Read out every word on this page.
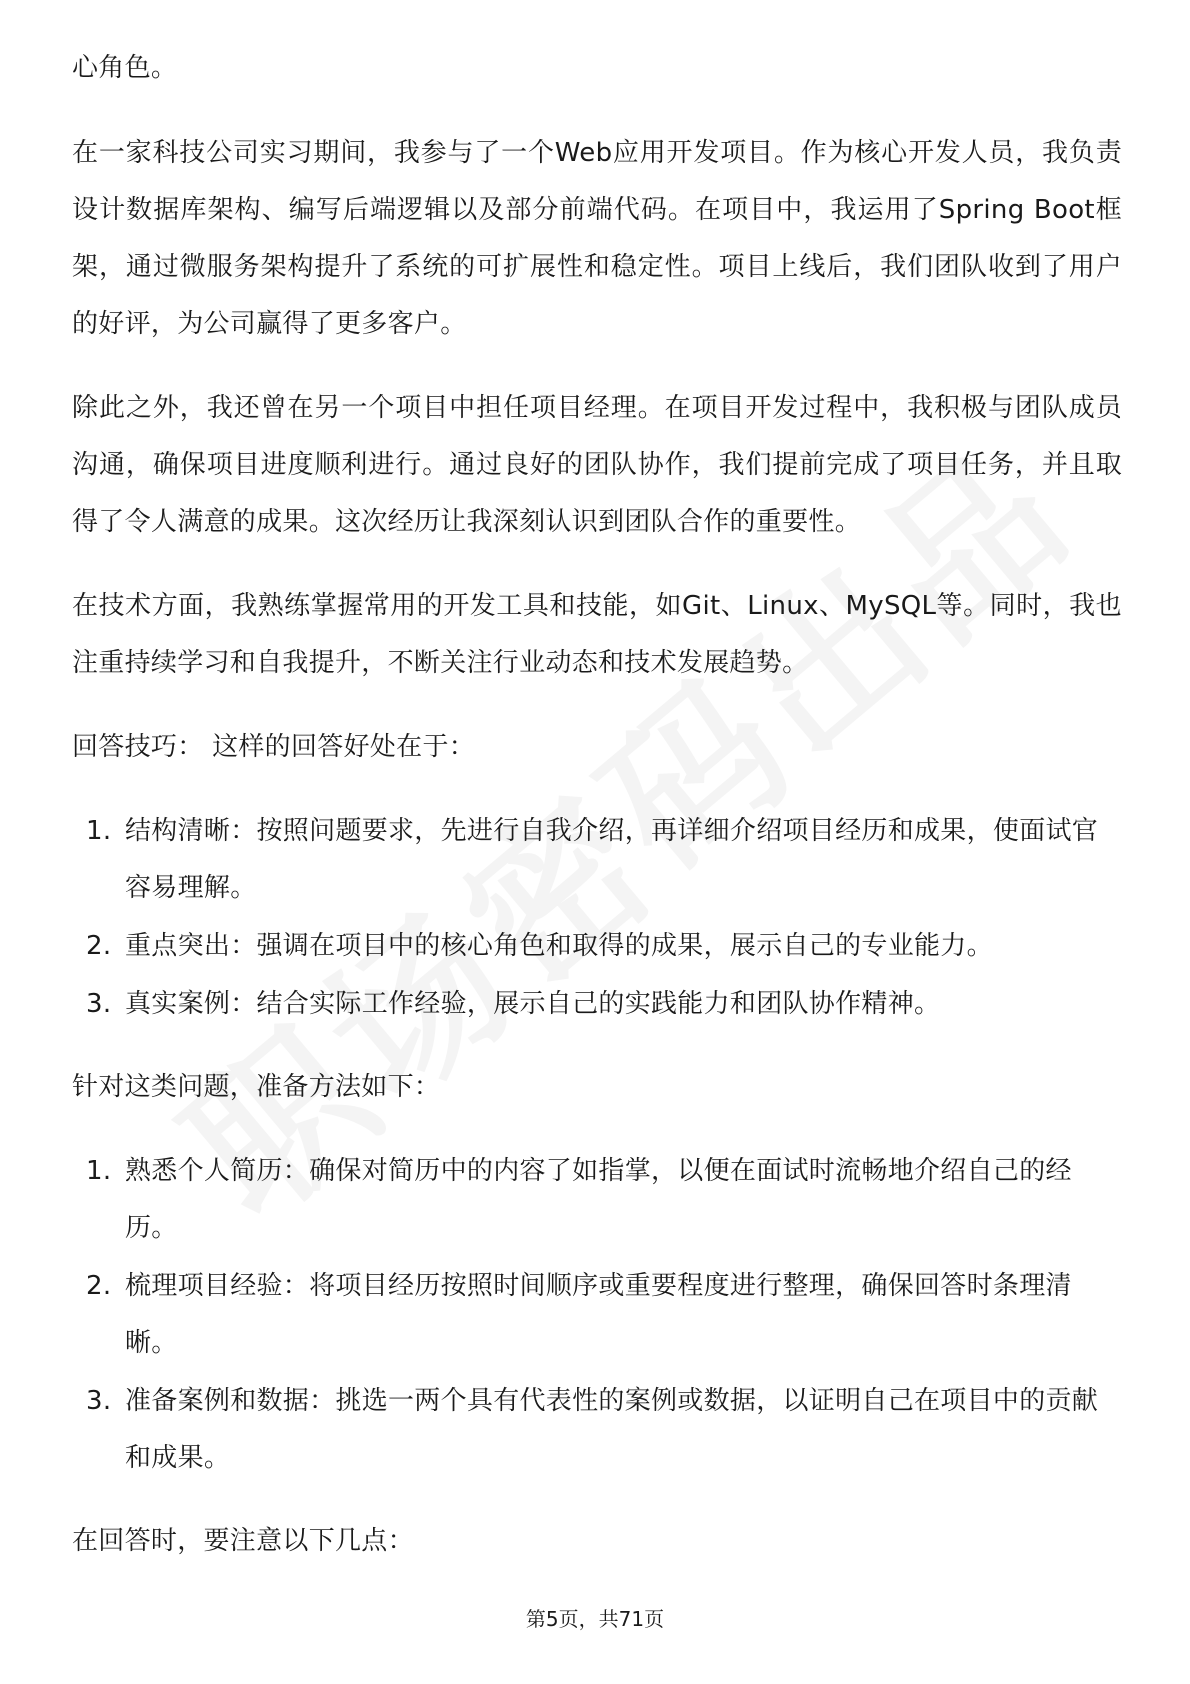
心角色。

在一家科技公司实习期间，我参与了一个Web应用开发项目。作为核心开发人员，我负责设计数据库架构、编写后端逻辑以及部分前端代码。在项目中，我运用了Spring Boot框架，通过微服务架构提升了系统的可扩展性和稳定性。项目上线后，我们团队收到了用户的好评，为公司赢得了更多客户。

除此之外，我还曾在另一个项目中担任项目经理。在项目开发过程中，我积极与团队成员沟通，确保项目进度顺利进行。通过良好的团队协作，我们提前完成了项目任务，并且取得了令人满意的成果。这次经历让我深刻认识到团队合作的重要性。

在技术方面，我熟练掌握常用的开发工具和技能，如Git、Linux、MySQL等。同时，我也注重持续学习和自我提升，不断关注行业动态和技术发展趋势。

回答技巧： 这样的回答好处在于：

1. 结构清晰：按照问题要求，先进行自我介绍，再详细介绍项目经历和成果，使面试官容易理解。
2. 重点突出：强调在项目中的核心角色和取得的成果，展示自己的专业能力。
3. 真实案例：结合实际工作经验，展示自己的实践能力和团队协作精神。

针对这类问题，准备方法如下：

1. 熟悉个人简历：确保对简历中的内容了如指掌，以便在面试时流畅地介绍自己的经历。
2. 梳理项目经验：将项目经历按照时间顺序或重要程度进行整理，确保回答时条理清晰。
3. 准备案例和数据：挑选一两个具有代表性的案例或数据，以证明自己在项目中的贡献和成果。

在回答时，要注意以下几点：

第5页，共71页
